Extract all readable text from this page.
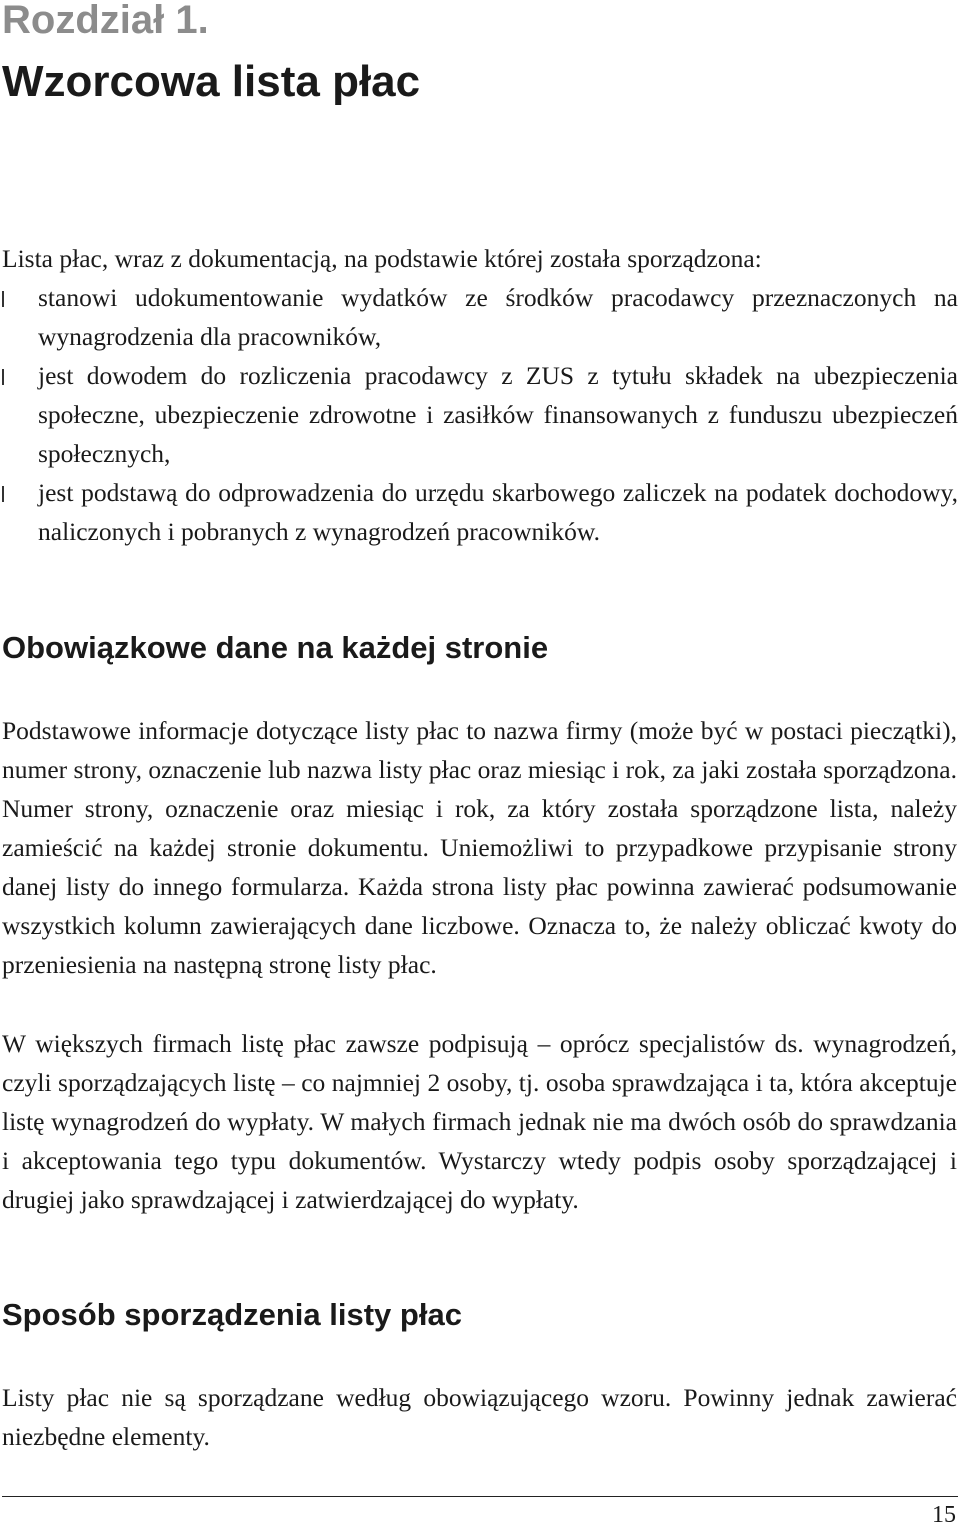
Rozdział 1.
Wzorcowa lista płac

Lista płac, wraz z dokumentacją, na podstawie której została sporządzona:

stanowi udokumentowanie wydatków ze środków pracodawcy przeznaczonych na wynagrodzenia dla pracowników,
jest dowodem do rozliczenia pracodawcy z ZUS z tytułu składek na ubezpieczenia społeczne, ubezpieczenie zdrowotne i zasiłków finansowanych z funduszu ubezpieczeń społecznych,
jest podstawą do odprowadzenia do urzędu skarbowego zaliczek na podatek dochodowy, naliczonych i pobranych z wynagrodzeń pracowników.
Obowiązkowe dane na każdej stronie

Podstawowe informacje dotyczące listy płac to nazwa firmy (może być w postaci pieczątki), numer strony, oznaczenie lub nazwa listy płac oraz miesiąc i rok, za jaki została sporządzona. Numer strony, oznaczenie oraz miesiąc i rok, za który została sporządzone lista, należy zamieścić na każdej stronie dokumentu. Uniemożliwi to przypadkowe przypisanie strony danej listy do innego formularza. Każda strona listy płac powinna zawierać podsumowanie wszystkich kolumn zawierających dane liczbowe. Oznacza to, że należy obliczać kwoty do przeniesienia na następną stronę listy płac.

W większych firmach listę płac zawsze podpisują – oprócz specjalistów ds. wynagrodzeń, czyli sporządzających listę – co najmniej 2 osoby, tj. osoba sprawdzająca i ta, która akceptuje listę wynagrodzeń do wypłaty. W małych firmach jednak nie ma dwóch osób do sprawdzania i akceptowania tego typu dokumentów. Wystarczy wtedy podpis osoby sporządzającej i drugiej jako sprawdzającej i zatwierdzającej do wypłaty.

Sposób sporządzenia listy płac

Listy płac nie są sporządzane według obowiązującego wzoru. Powinny jednak zawierać niezbędne elementy.

15
